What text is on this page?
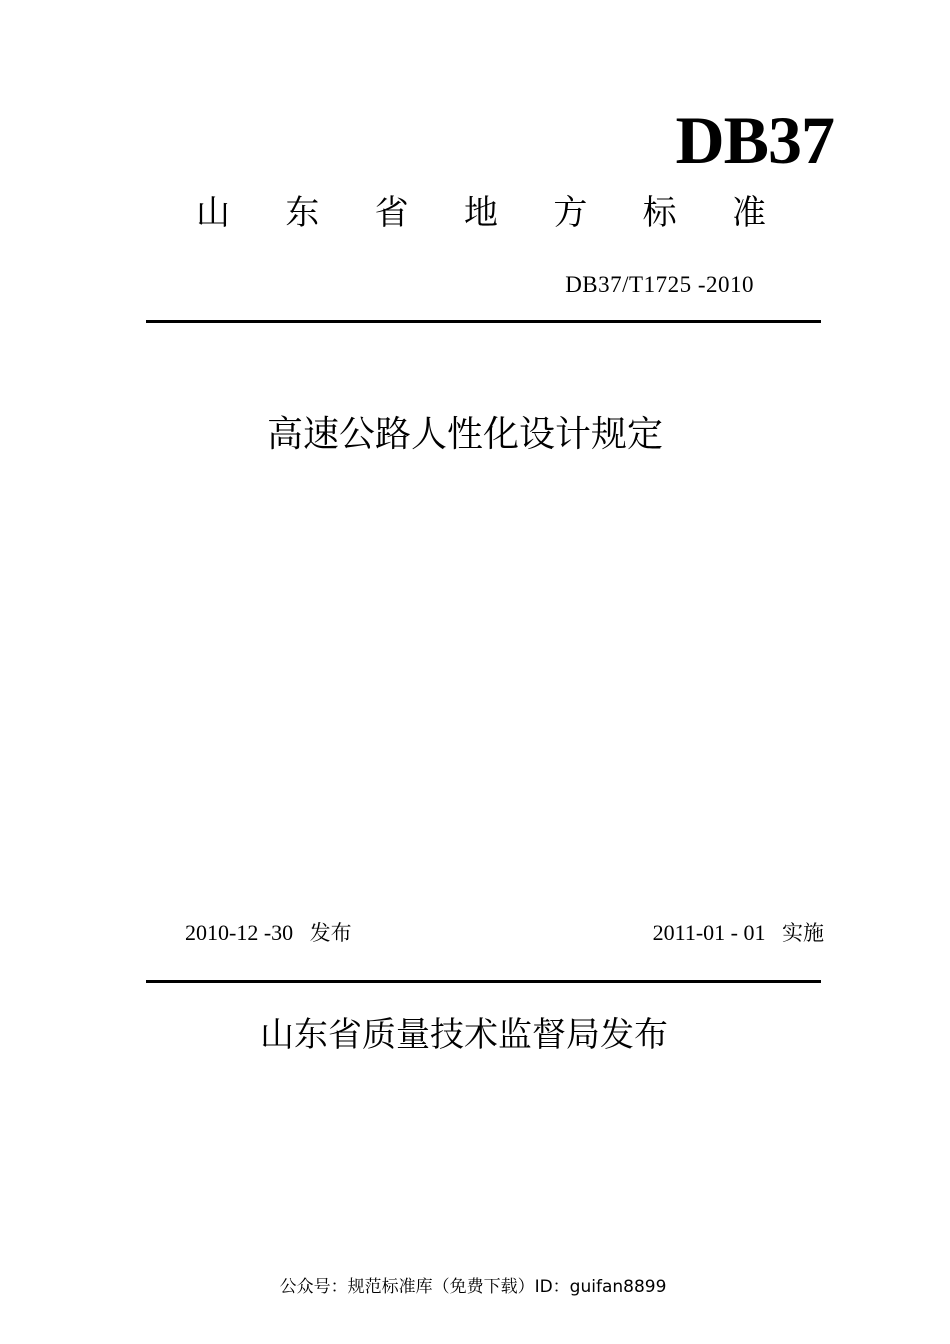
DB37
山 东 省 地 方 标 准
DB37/T1725 -2010
高速公路人性化设计规定
2010-12 -30 发布	2011-01 - 01 实施
山东省质量技术监督局发布
公众号：规范标准库（免费下载）ID：guifan8899
